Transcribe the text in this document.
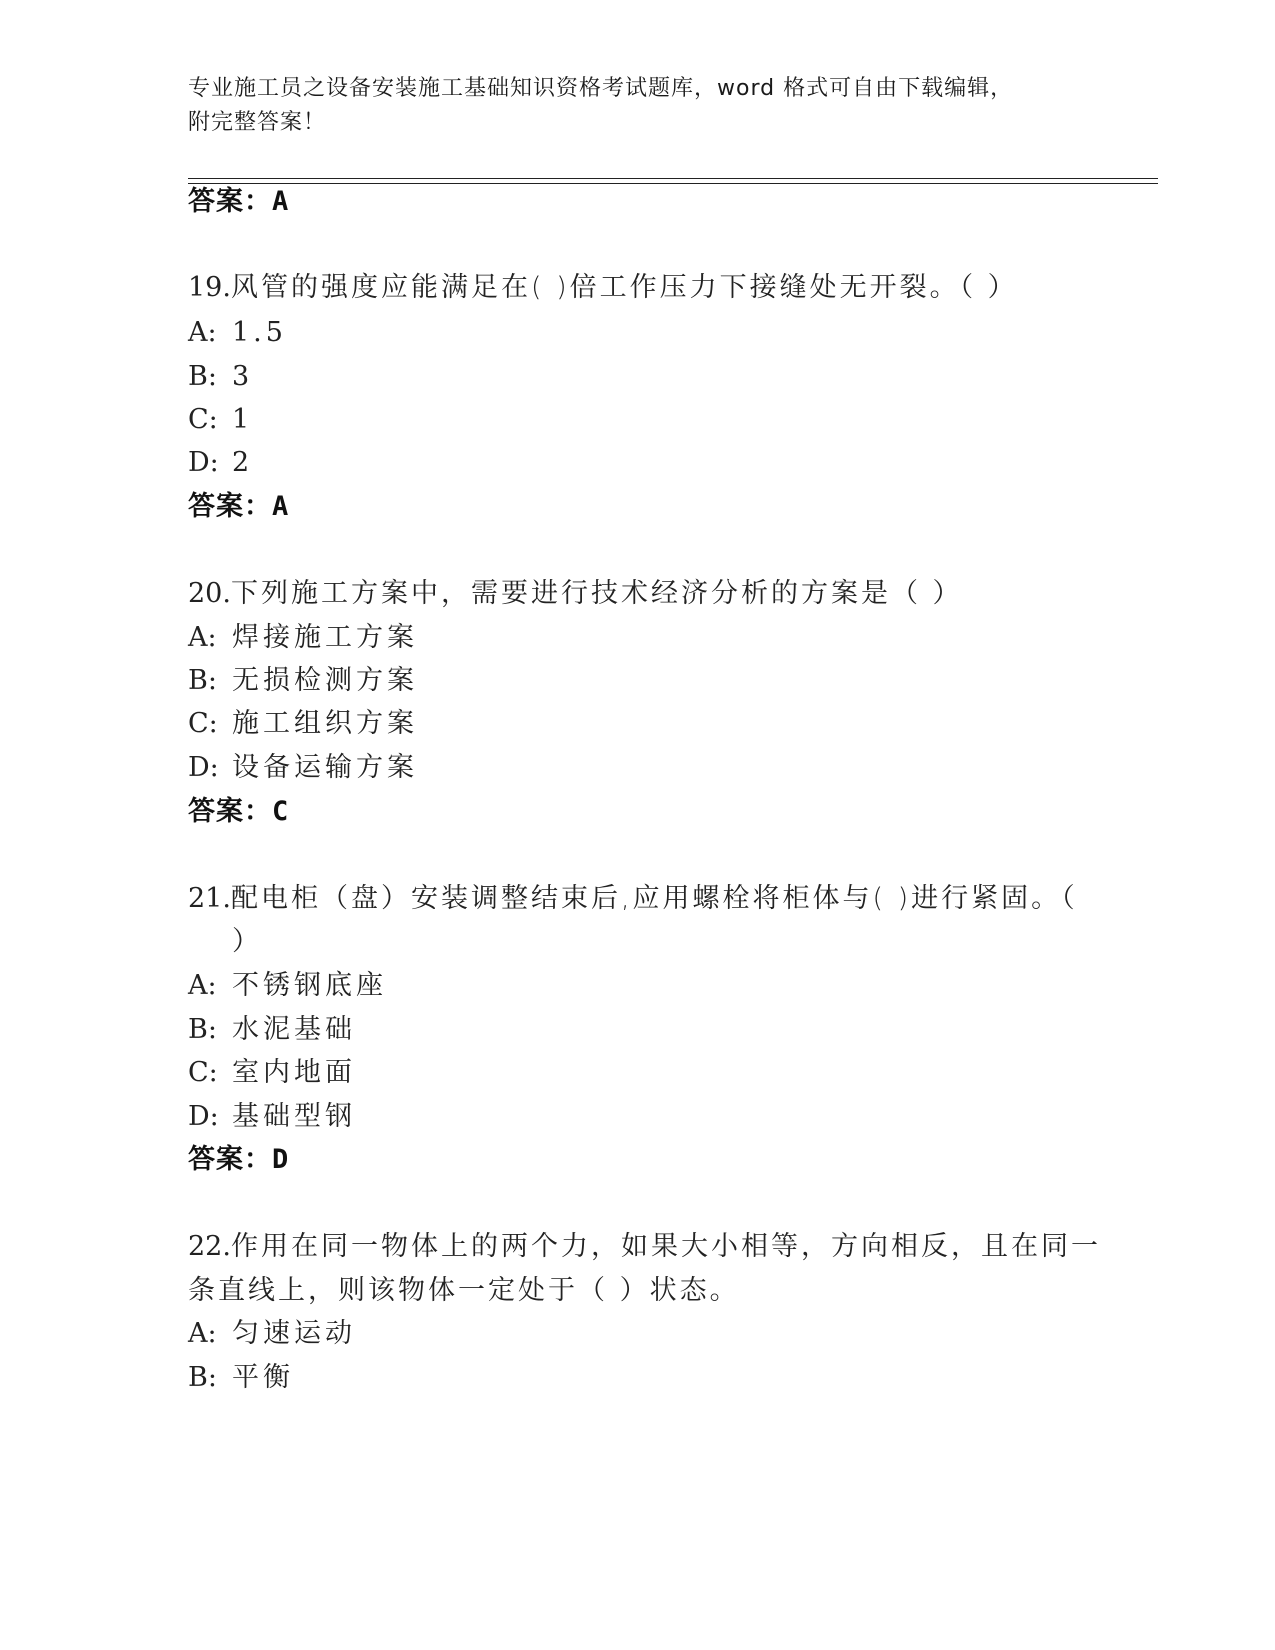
专业施工员之设备安装施工基础知识资格考试题库，word 格式可自由下载编辑，
附完整答案！
答案：A
19.风管的强度应能满足在( )倍工作压力下接缝处无开裂。（ ）
A: 1.5
B: 3
C: 1
D: 2
答案：A
20.下列施工方案中，需要进行技术经济分析的方案是（ ）
A: 焊接施工方案
B: 无损检测方案
C: 施工组织方案
D: 设备运输方案
答案：C
21.配电柜（盘）安装调整结束后,应用螺栓将柜体与( )进行紧固。（
）
A: 不锈钢底座
B: 水泥基础
C: 室内地面
D: 基础型钢
答案：D
22.作用在同一物体上的两个力，如果大小相等，方向相反，且在同一
条直线上，则该物体一定处于（ ）状态。
A: 匀速运动
B: 平衡
